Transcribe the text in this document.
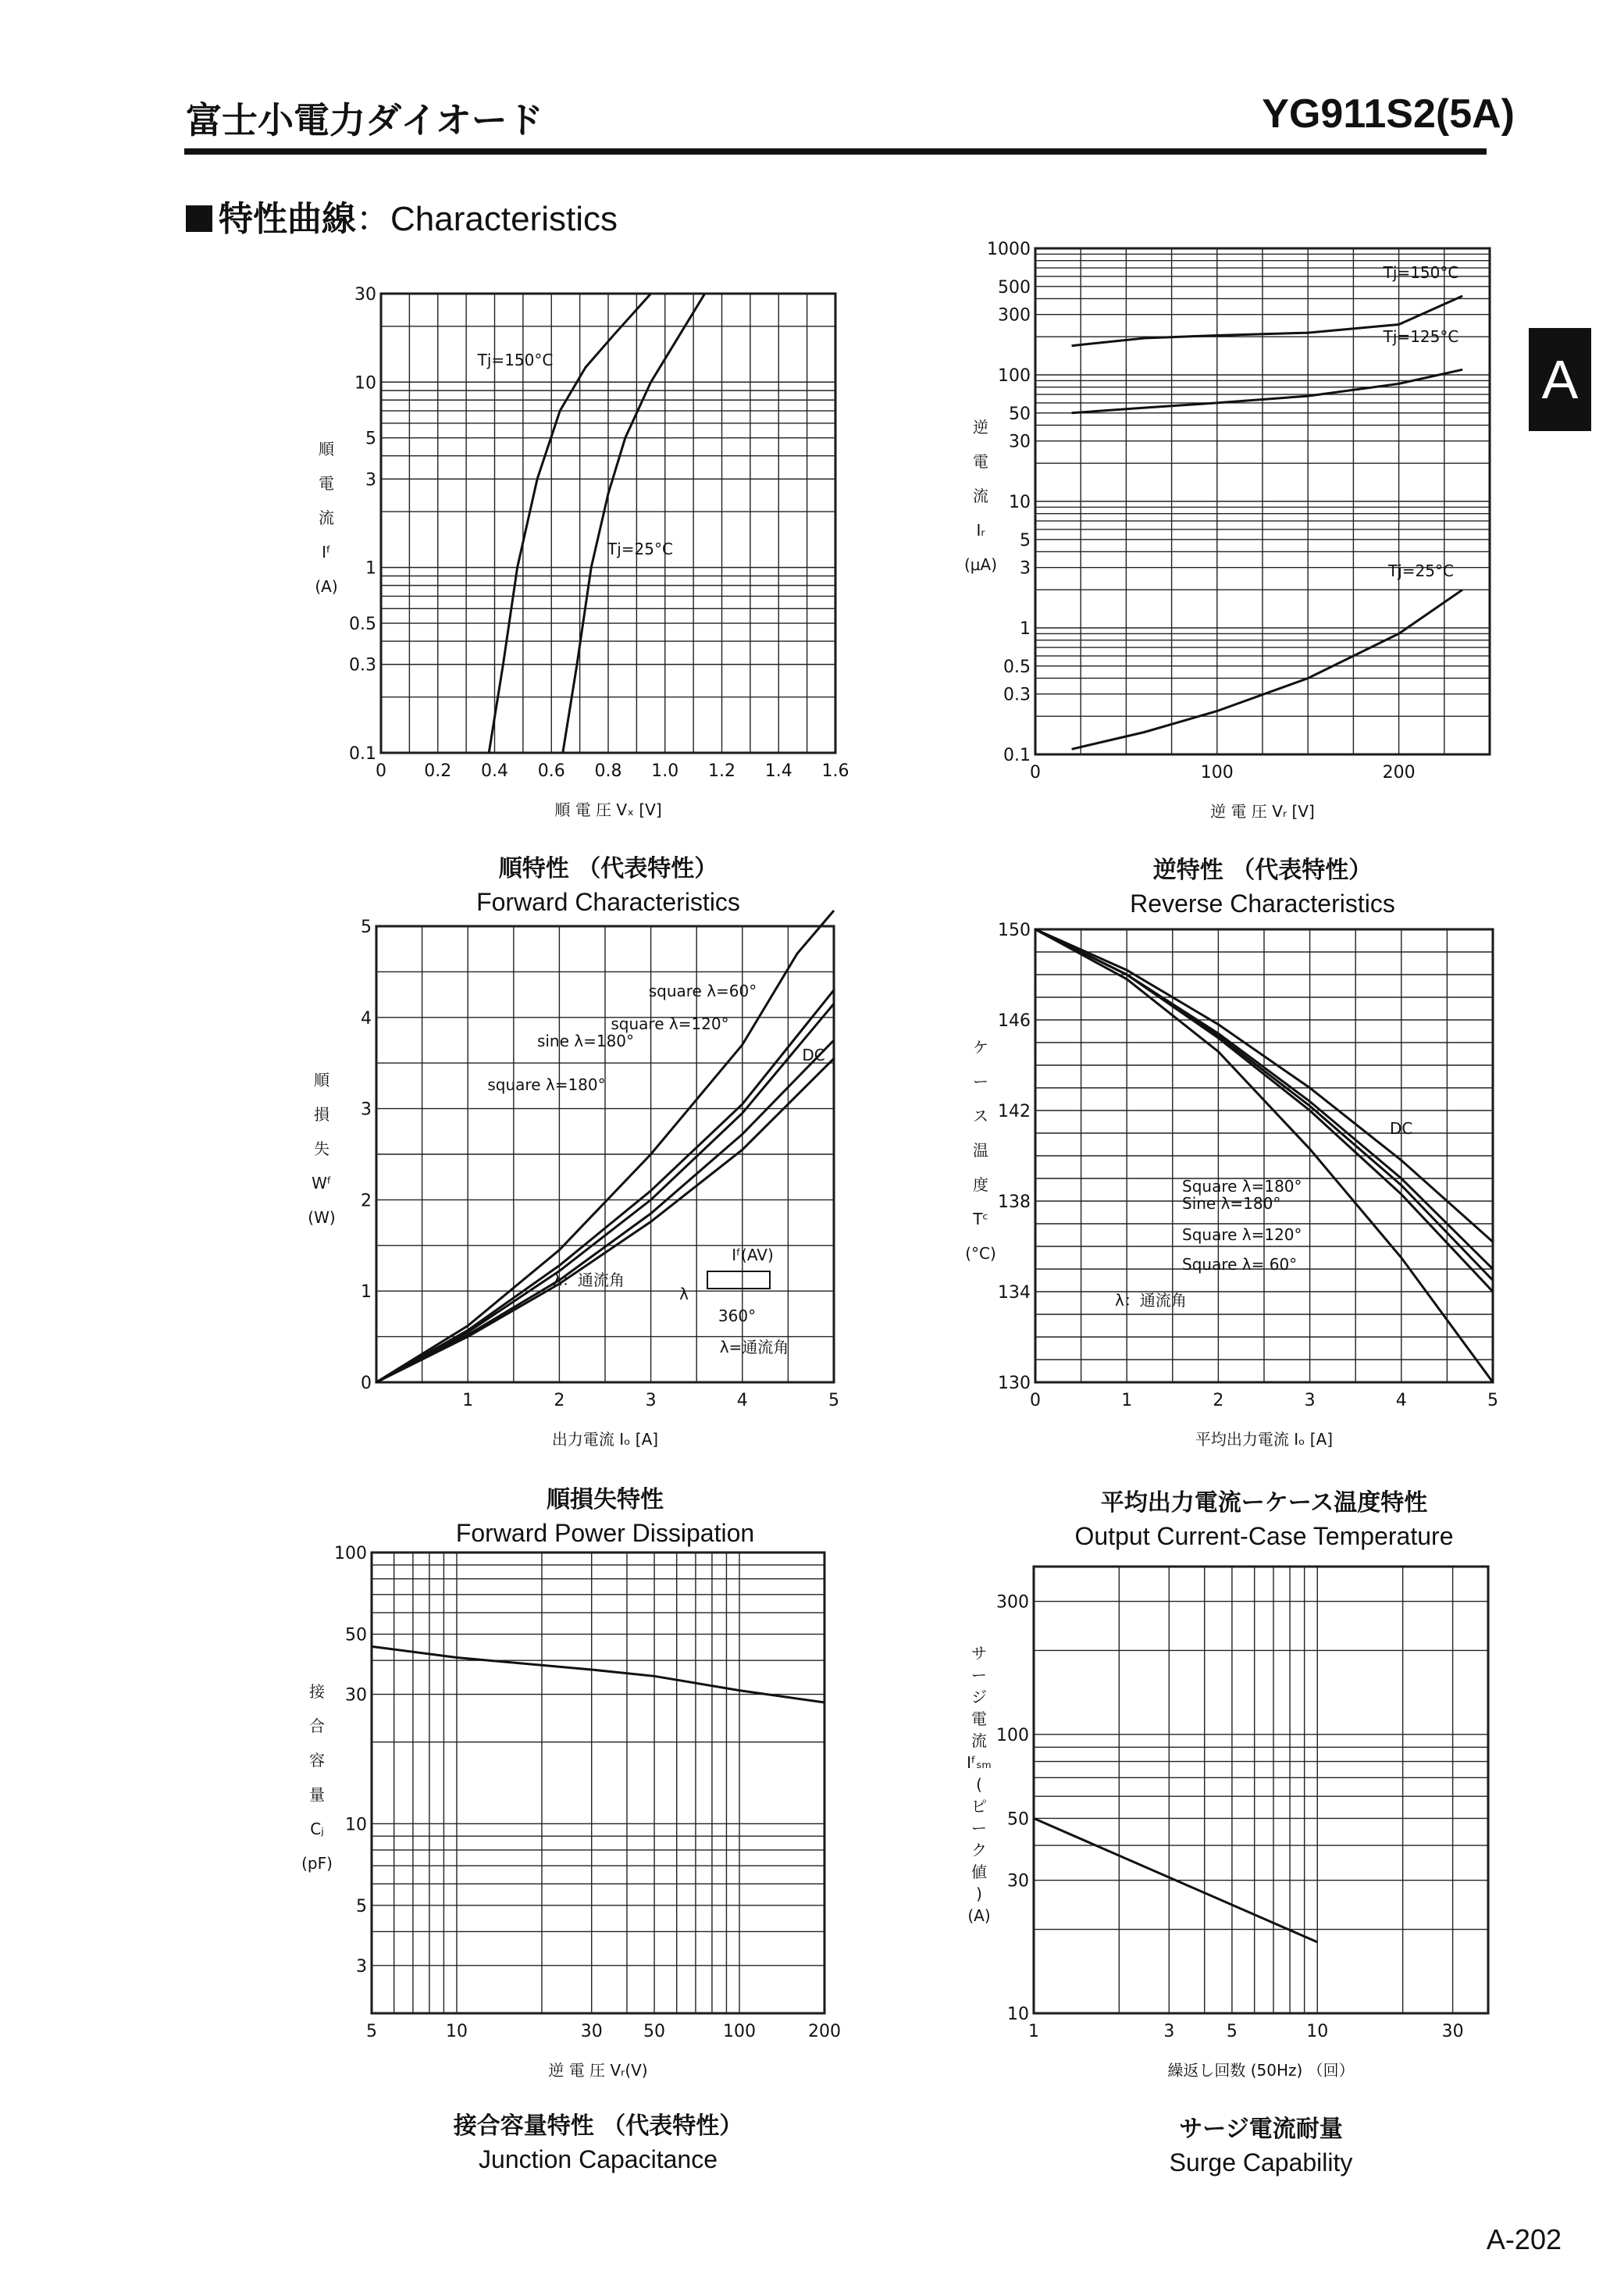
富士小電力ダイオード	YG911S2(5A)
特性曲線：Characteristics
A
A-202
0 0.2 0.4 0.6 0.8 1.0 1.2 1.4 1.6
30
10
5
3
1
0.5
0.3
0.1
Tj=150°C
Tj=25°C
順 電 圧 Vₓ [V]
順
電
流
Iᶠ
(A)
順特性 （代表特性）
Forward Characteristics
0	100	200
1000
500
300
100
50
30
10
5
3
1
0.5
0.3
0.1
Tj=150°C
Tj=125°C
Tj=25°C
逆 電 圧 Vᵣ [V]
逆
電
流
Iᵣ
(μA)
逆特性 （代表特性）
Reverse Characteristics
1	2	3	4	5
0
1
2
3
4
5
square λ=60°
square λ=120°
sine λ=180°
square λ=180°
DC
λ：通流角
Iᶠ(AV)
360°
λ
λ=通流角
出力電流 Iₒ [A]
順
損
失
Wᶠ
(W)
順損失特性
Forward Power Dissipation
0	1	2	3	4	5
150
146
142
138
134
130
DC
Square λ=180°
Sine λ=180°
Square λ=120°
Square λ= 60°
λ：通流角
平均出力電流 Iₒ [A]
ケ
ー
ス
温
度
Tᶜ
(°C)
平均出力電流ーケース温度特性
Output Current-Case Temperature
5	10	30 50	100	200
100
50
30
10
5
3
逆 電 圧 Vᵣ(V)
接
合
容
量
Cⱼ
(pF)
接合容量特性 （代表特性）
Junction Capacitance
1	3	5	10	30
300
100
50
30
10
繰返し回数 (50Hz) （回）
サ
ー
ジ
電
流
Iᶠₛₘ
(
ピ
ー
ク
値
)
(A)
サージ電流耐量
Surge Capability
